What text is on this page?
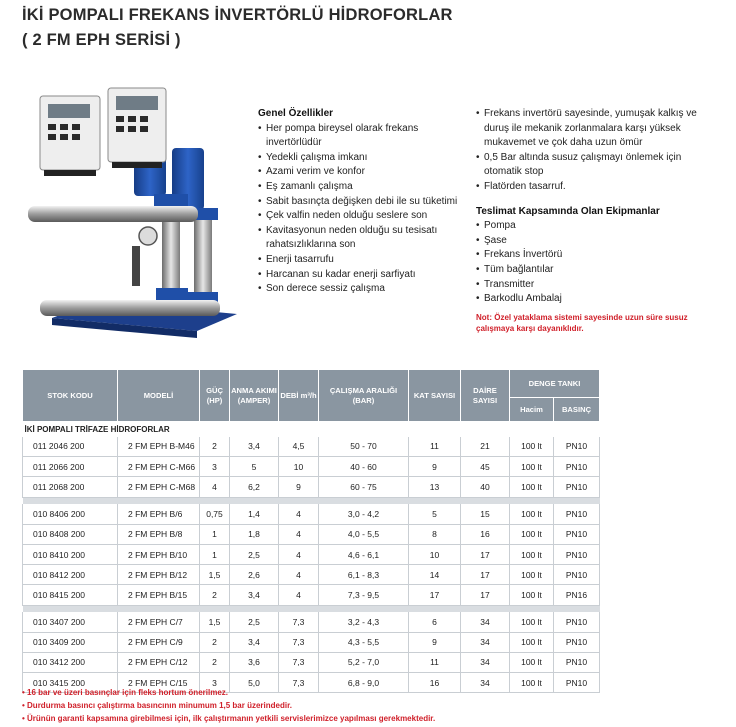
İKİ POMPALI FREKANS İNVERTÖRLÜ HİDROFORLAR
( 2 FM EPH SERİSİ )
Genel Özellikler
• Her pompa bireysel olarak frekans invertörlüdür
• Yedekli çalışma imkanı
• Azami verim ve konfor
• Eş zamanlı çalışma
• Sabit basınçta değişken debi ile su tüketimi
• Çek valfin neden olduğu seslere son
• Kavitasyonun neden olduğu su tesisatı rahatsızlıklarına son
• Enerji tasarrufu
• Harcanan su kadar enerji sarfiyatı
• Son derece sessiz çalışma
• Frekans invertörü sayesinde, yumuşak kalkış ve duruş ile mekanik zorlanmalara karşı yüksek mukavemet ve çok daha uzun ömür
• 0,5 Bar altında susuz çalışmayı önlemek için otomatik stop
• Flatörden tasarruf.
Teslimat Kapsamında Olan Ekipmanlar
• Pompa
• Şase
• Frekans İnvertörü
• Tüm bağlantılar
• Transmitter
• Barkodlu Ambalaj
Not: Özel yataklama sistemi sayesinde uzun süre susuz çalışmaya karşı dayanıklıdır.
STOK KODU	MODELİ	GÜÇ (HP)	ANMA AKIMI (AMPER)	DEBİ m³/h	ÇALIŞMA ARALIĞI (BAR)	KAT SAYISI	DAİRE SAYISI	DENGE TANKI	
								Hacim	BASINÇ
İKİ POMPALI TRİFAZE HİDROFORLAR									
011 2046 200	2 FM EPH B-M46	2	3,4	4,5	50 - 70	11	21	100 lt	PN10
011 2066 200	2 FM EPH C-M66	3	5	10	40 - 60	9	45	100 lt	PN10
011 2068 200	2 FM EPH C-M68	4	6,2	9	60 - 75	13	40	100 lt	PN10

010 8406 200	2 FM EPH B/6	0,75	1,4	4	3,0 - 4,2	5	15	100 lt	PN10
010 8408 200	2 FM EPH B/8	1	1,8	4	4,0 - 5,5	8	16	100 lt	PN10
010 8410 200	2 FM EPH B/10	1	2,5	4	4,6 - 6,1	10	17	100 lt	PN10
010 8412 200	2 FM EPH B/12	1,5	2,6	4	6,1 - 8,3	14	17	100 lt	PN10
010 8415 200	2 FM EPH B/15	2	3,4	4	7,3 - 9,5	17	17	100 lt	PN16

010 3407 200	2 FM EPH C/7	1,5	2,5	7,3	3,2 - 4,3	6	34	100 lt	PN10
010 3409 200	2 FM EPH C/9	2	3,4	7,3	4,3 - 5,5	9	34	100 lt	PN10
010 3412 200	2 FM EPH C/12	2	3,6	7,3	5,2 - 7,0	11	34	100 lt	PN10
010 3415 200	2 FM EPH C/15	3	5,0	7,3	6,8 - 9,0	16	34	100 lt	PN10
• 16 bar ve üzeri basınçlar için fleks hortum önerilmez.
• Durdurma basıncı çalıştırma basıncının minumum 1,5 bar üzerindedir.
• Ürünün garanti kapsamına girebilmesi için, ilk çalıştırmanın yetkili servislerimizce yapılması gerekmektedir.
